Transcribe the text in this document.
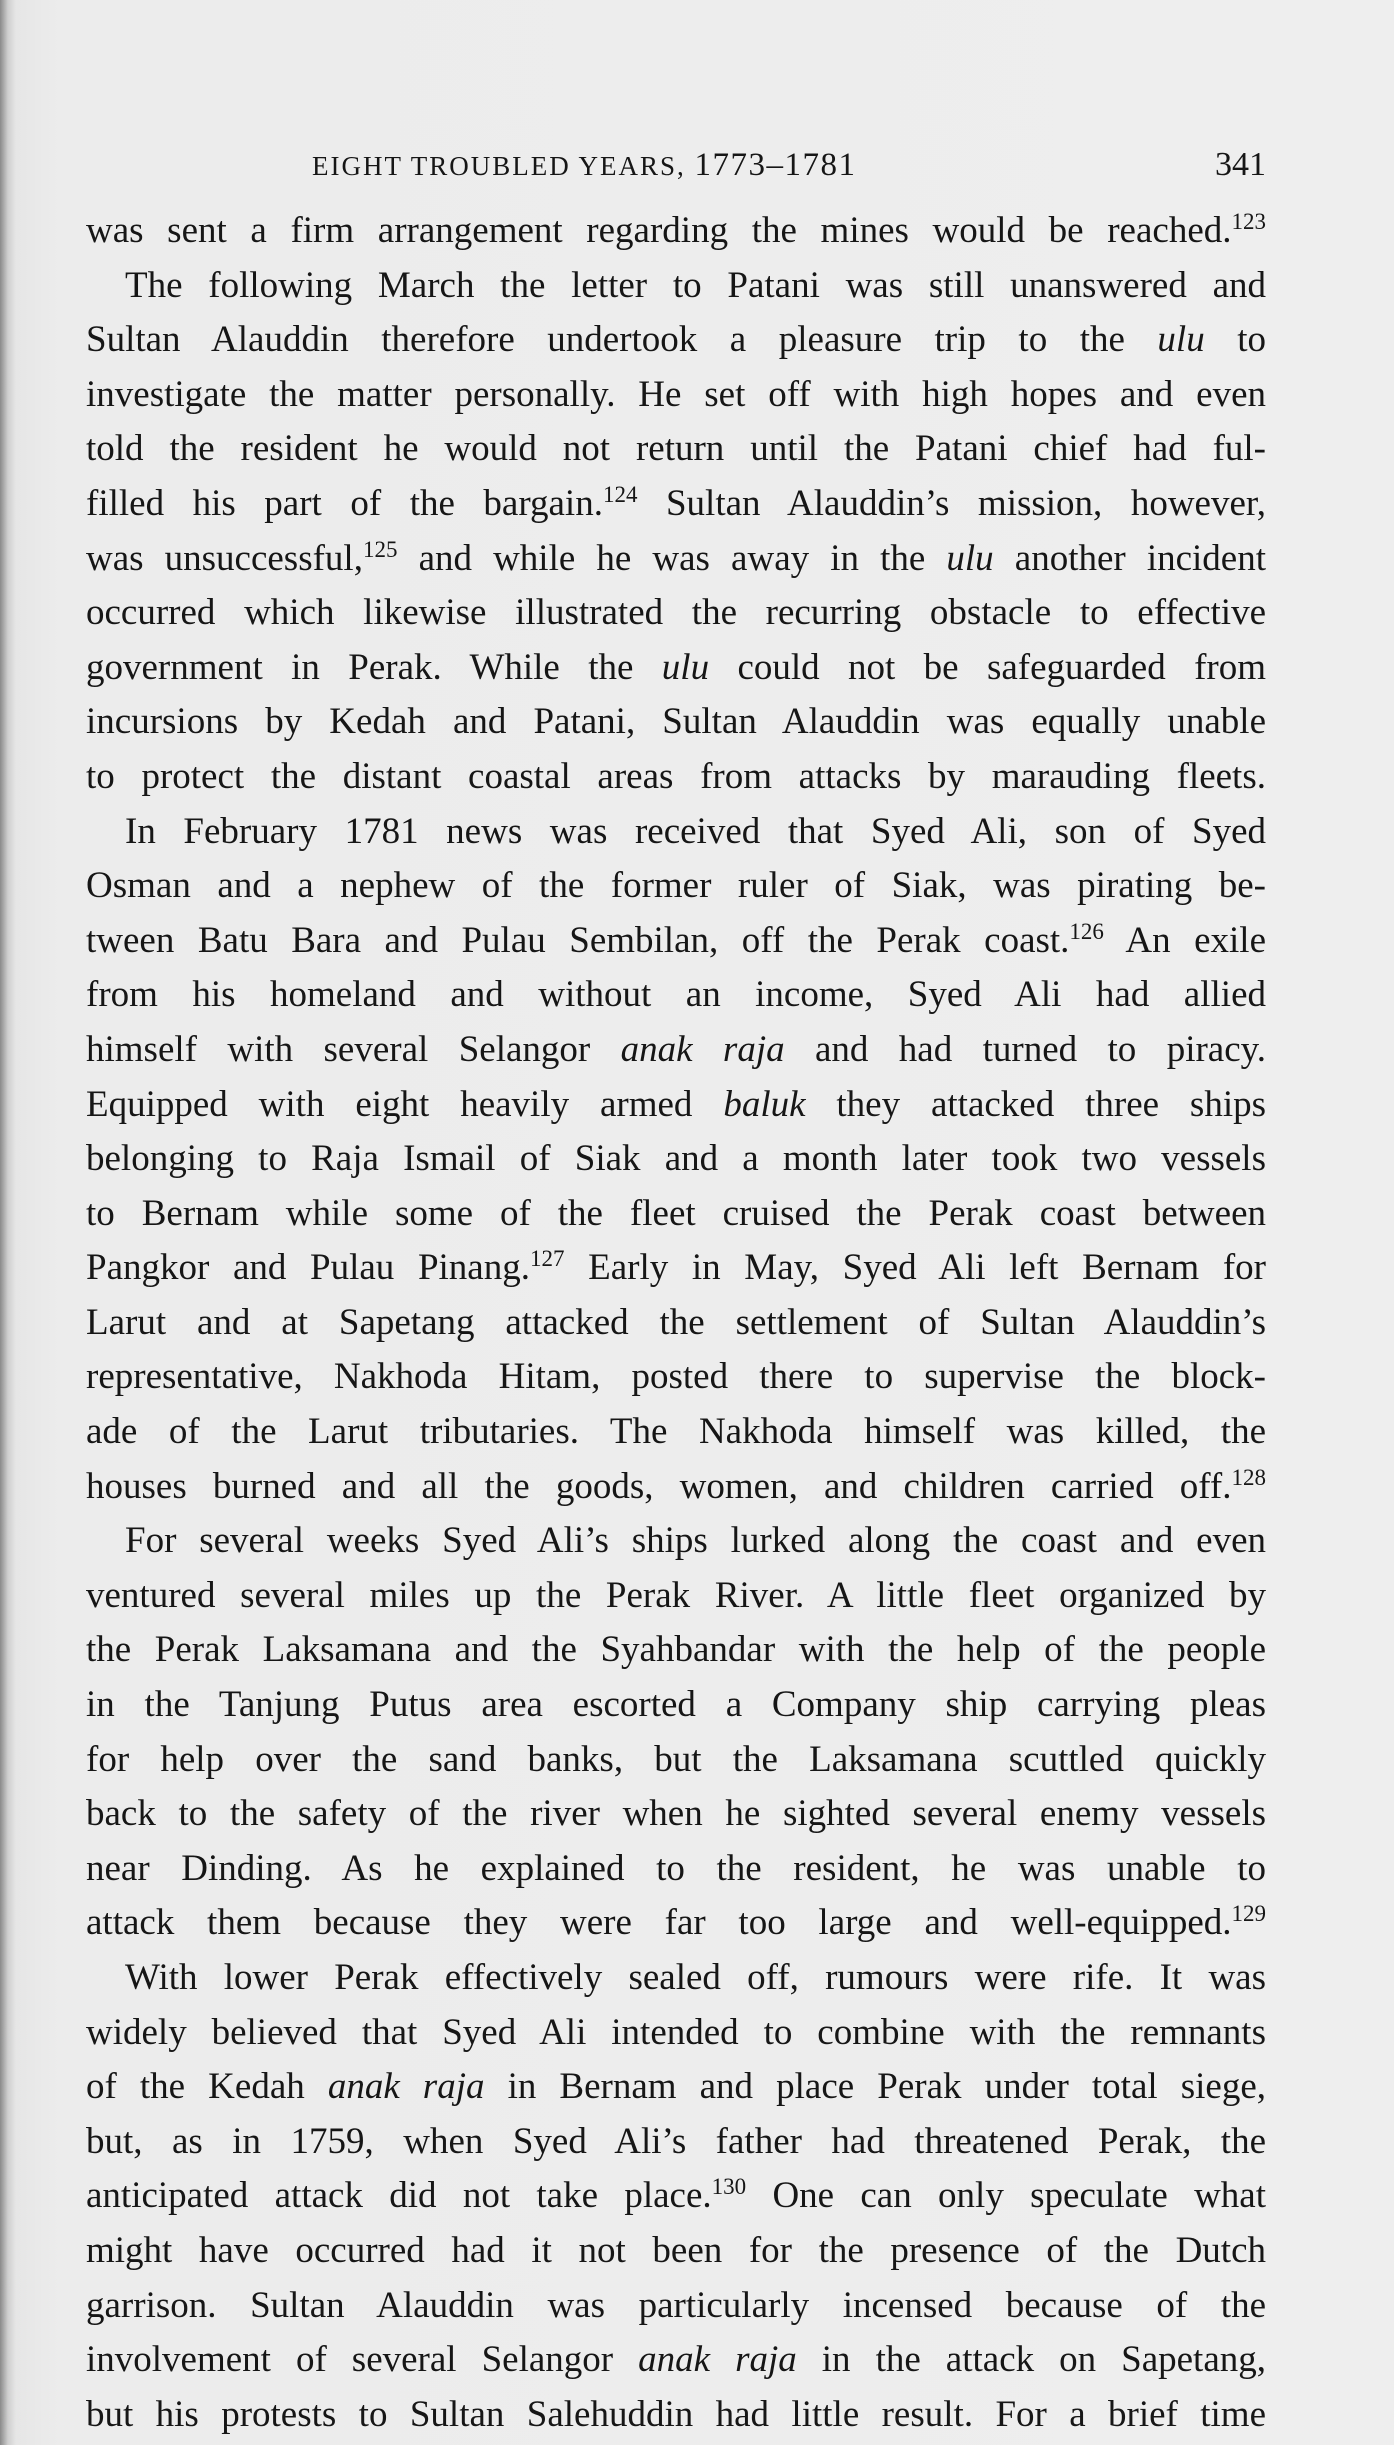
EIGHT TROUBLED YEARS, 1773–1781	341
was sent a firm arrangement regarding the mines would be reached.$^{123}$
The following March the letter to Patani was still unanswered and
Sultan Alauddin therefore undertook a pleasure trip to the ulu to
investigate the matter personally. He set off with high hopes and even
told the resident he would not return until the Patani chief had ful-
filled his part of the bargain.$^{124}$ Sultan Alauddin’s mission, however,
was unsuccessful,$^{125}$ and while he was away in the ulu another incident
occurred which likewise illustrated the recurring obstacle to effective
government in Perak. While the ulu could not be safeguarded from
incursions by Kedah and Patani, Sultan Alauddin was equally unable
to protect the distant coastal areas from attacks by marauding fleets.
In February 1781 news was received that Syed Ali, son of Syed
Osman and a nephew of the former ruler of Siak, was pirating be-
tween Batu Bara and Pulau Sembilan, off the Perak coast.$^{126}$ An exile
from his homeland and without an income, Syed Ali had allied
himself with several Selangor anak raja and had turned to piracy.
Equipped with eight heavily armed baluk they attacked three ships
belonging to Raja Ismail of Siak and a month later took two vessels
to Bernam while some of the fleet cruised the Perak coast between
Pangkor and Pulau Pinang.$^{127}$ Early in May, Syed Ali left Bernam for
Larut and at Sapetang attacked the settlement of Sultan Alauddin’s
representative, Nakhoda Hitam, posted there to supervise the block-
ade of the Larut tributaries. The Nakhoda himself was killed, the
houses burned and all the goods, women, and children carried off.$^{128}$
For several weeks Syed Ali’s ships lurked along the coast and even
ventured several miles up the Perak River. A little fleet organized by
the Perak Laksamana and the Syahbandar with the help of the people
in the Tanjung Putus area escorted a Company ship carrying pleas
for help over the sand banks, but the Laksamana scuttled quickly
back to the safety of the river when he sighted several enemy vessels
near Dinding. As he explained to the resident, he was unable to
attack them because they were far too large and well-equipped.$^{129}$
With lower Perak effectively sealed off, rumours were rife. It was
widely believed that Syed Ali intended to combine with the remnants
of the Kedah anak raja in Bernam and place Perak under total siege,
but, as in 1759, when Syed Ali’s father had threatened Perak, the
anticipated attack did not take place.$^{130}$ One can only speculate what
might have occurred had it not been for the presence of the Dutch
garrison. Sultan Alauddin was particularly incensed because of the
involvement of several Selangor anak raja in the attack on Sapetang,
but his protests to Sultan Salehuddin had little result. For a brief time
